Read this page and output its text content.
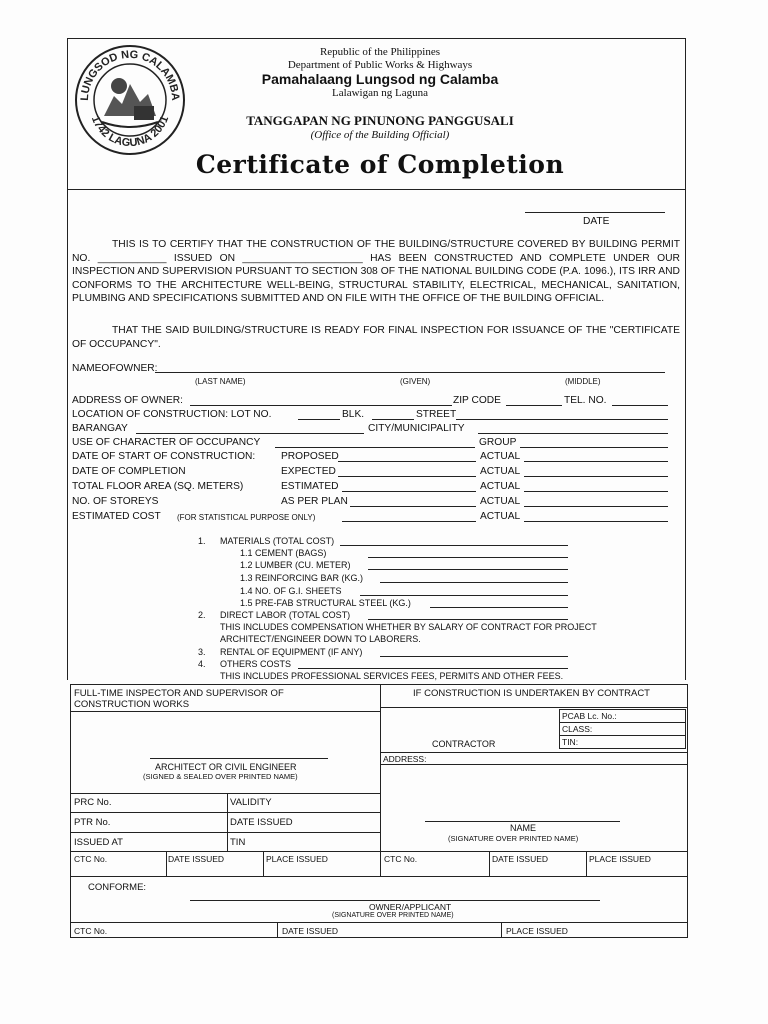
LUNGSOD NG CALAMBA
1742 LAGUNA 2001
Republic of the Philippines
Department of Public Works & Highways
Pamahalaang Lungsod ng Calamba
Lalawigan ng Laguna
TANGGAPAN NG PINUNONG PANGGUSALI
(Office of the Building Official)
Certificate of Completion
DATE
THIS IS TO CERTIFY THAT THE CONSTRUCTION OF THE BUILDING/STRUCTURE COVERED BY BUILDING PERMIT NO. ____________ ISSUED ON _____________________ HAS BEEN CONSTRUCTED AND COMPLETE UNDER OUR INSPECTION AND SUPERVISION PURSUANT TO SECTION 308 OF THE NATIONAL BUILDING CODE (P.A. 1096.), ITS IRR AND CONFORMS TO THE ARCHITECTURE WELL-BEING, STRUCTURAL STABILITY, ELECTRICAL, MECHANICAL, SANITATION, PLUMBING AND SPECIFICATIONS SUBMITTED AND ON FILE WITH THE OFFICE OF THE BUILDING OFFICIAL.
THAT THE SAID BUILDING/STRUCTURE IS READY FOR FINAL INSPECTION FOR ISSUANCE OF THE "CERTIFICATE OF OCCUPANCY".
NAMEOFOWNER:
(LAST NAME)	(GIVEN)	(MIDDLE)
ADDRESS OF OWNER:	ZIP CODE	TEL. NO.
LOCATION OF CONSTRUCTION: LOT NO.	BLK.	STREET
BARANGAY	CITY/MUNICIPALITY
USE OF CHARACTER OF OCCUPANCY	GROUP
DATE OF START OF CONSTRUCTION:	PROPOSED	ACTUAL
DATE OF COMPLETION	EXPECTED	ACTUAL
TOTAL FLOOR AREA (SQ. METERS)	ESTIMATED	ACTUAL
NO. OF STOREYS	AS PER PLAN	ACTUAL
ESTIMATED COST (FOR STATISTICAL PURPOSE ONLY)	ACTUAL
1. MATERIALS (TOTAL COST)
1.1 CEMENT (BAGS)
1.2 LUMBER (CU. METER)
1.3 REINFORCING BAR (KG.)
1.4 NO. OF G.I. SHEETS
1.5 PRE-FAB STRUCTURAL STEEL (KG.)
2. DIRECT LABOR (TOTAL COST)
THIS INCLUDES COMPENSATION WHETHER BY SALARY OF CONTRACT FOR PROJECT
ARCHITECT/ENGINEER DOWN TO LABORERS.
3. RENTAL OF EQUIPMENT (IF ANY)
4. OTHERS COSTS
THIS INCLUDES PROFESSIONAL SERVICES FEES, PERMITS AND OTHER FEES.
FULL-TIME INSPECTOR AND SUPERVISOR OF
CONSTRUCTION WORKS
IF CONSTRUCTION IS UNDERTAKEN BY CONTRACT
PCAB Lc. No.:
CLASS:
TIN:
CONTRACTOR
ADDRESS:
ARCHITECT OR CIVIL ENGINEER
(SIGNED & SEALED OVER PRINTED NAME)
PRC No.	VALIDITY
PTR No.	DATE ISSUED
ISSUED AT	TIN
NAME
(SIGNATURE OVER PRINTED NAME)
CTC No.	DATE ISSUED	PLACE ISSUED	CTC No.	DATE ISSUED	PLACE ISSUED
CONFORME:
OWNER/APPLICANT
(SIGNATURE OVER PRINTED NAME)
CTC No.	DATE ISSUED	PLACE ISSUED
